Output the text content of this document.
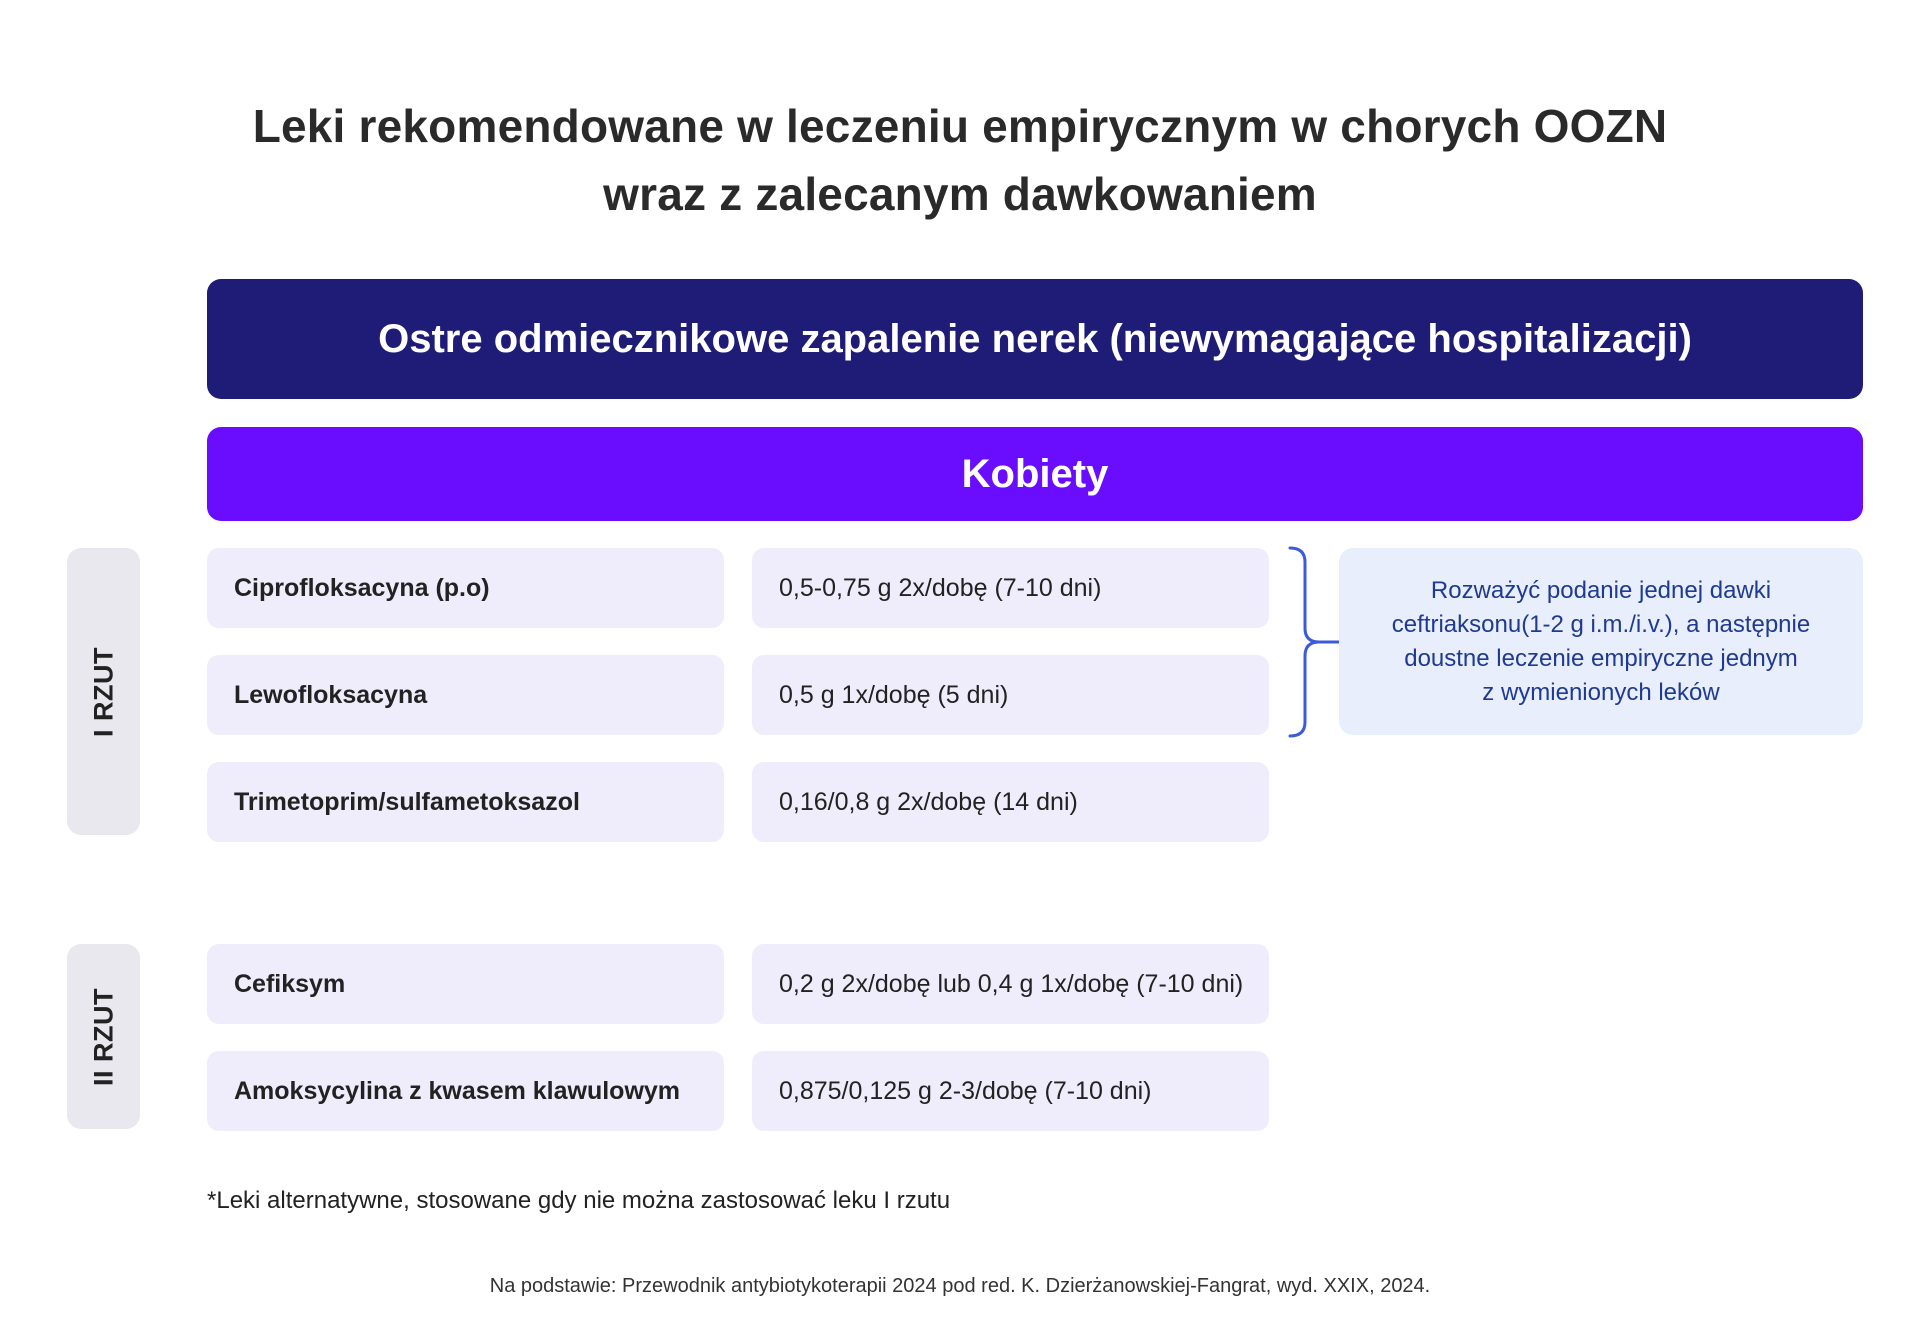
Leki rekomendowane w leczeniu empirycznym w chorych OOZN
wraz z zalecanym dawkowaniem
Ostre odmiecznikowe zapalenie nerek (niewymagające hospitalizacji)
Kobiety
I RZUT
II RZUT
Ciprofloksacyna (p.o)	0,5-0,75 g 2x/dobę (7-10 dni)
Lewofloksacyna	0,5 g 1x/dobę (5 dni)
Trimetoprim/sulfametoksazol	0,16/0,8 g 2x/dobę (14 dni)
Cefiksym	0,2 g 2x/dobę lub 0,4 g 1x/dobę (7-10 dni)
Amoksycylina z kwasem klawulowym	0,875/0,125 g 2-3/dobę (7-10 dni)
Rozważyć podanie jednej dawki
ceftriaksonu(1-2 g i.m./i.v.), a następnie
doustne leczenie empiryczne jednym
z wymienionych leków
*Leki alternatywne, stosowane gdy nie można zastosować leku I rzutu
Na podstawie: Przewodnik antybiotykoterapii 2024 pod red. K. Dzierżanowskiej-Fangrat, wyd. XXIX, 2024.
